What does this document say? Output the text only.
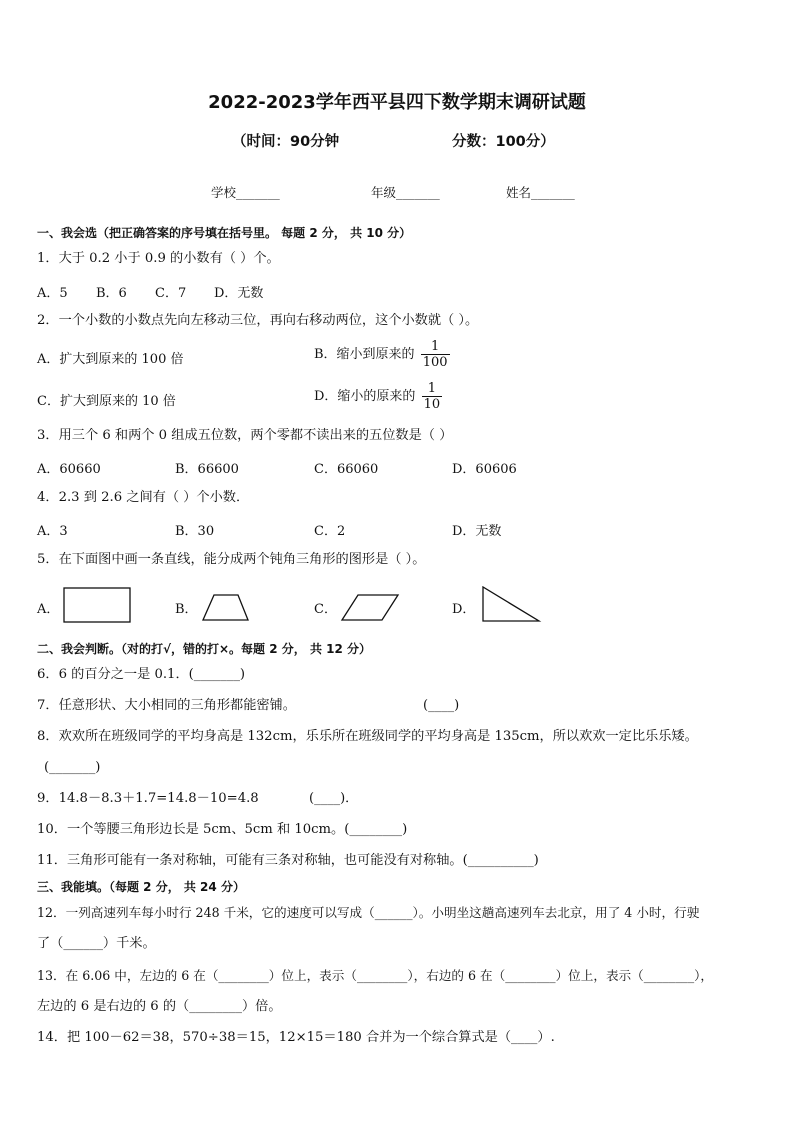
2022-2023学年西平县四下数学期末调研试题
（时间：90分钟	分数：100分）
学校_______	年级_______	姓名_______
一、我会选（把正确答案的序号填在括号里。 每题 2 分， 共 10 分）
1．大于 0.2 小于 0.9 的小数有（ ）个。
A．5 B．6 C．7 D．无数
2．一个小数的小数点先向左移动三位，再向右移动两位，这个小数就（ ）。
A．扩大到原来的 100 倍	B．缩小到原来的 $\frac{1}{100}$
C．扩大到原来的 10 倍	D．缩小的原来的 $\frac{1}{10}$
3．用三个 6 和两个 0 组成五位数，两个零都不读出来的五位数是（ ）
A．60660	B．66600	C．66060	D．60606
4．2.3 到 2.6 之间有（ ）个小数．
A．3	B．30	C．2	D．无数
5．在下面图中画一条直线，能分成两个钝角三角形的图形是（ ）。
A．	B．	C．	D．
二、我会判断。（对的打√，错的打×。每题 2 分， 共 12 分）
6．6 的百分之一是 0.1．(_______)
7．任意形状、大小相同的三角形都能密铺。	(____)
8．欢欢所在班级同学的平均身高是 132cm，乐乐所在班级同学的平均身高是 135cm，所以欢欢一定比乐乐矮。
(_______)
9．14.8－8.3＋1.7=14.8－10=4.8	(____)．
10．一个等腰三角形边长是 5cm、5cm 和 10cm。(________)
11．三角形可能有一条对称轴，可能有三条对称轴，也可能没有对称轴。(__________)
三、我能填。（每题 2 分， 共 24 分）
12．一列高速列车每小时行 248 千米，它的速度可以写成（______）。小明坐这趟高速列车去北京，用了 4 小时，行驶
了（______）千米。
13．在 6.06 中，左边的 6 在（________）位上，表示（________），右边的 6 在（________）位上，表示（________），
左边的 6 是右边的 6 的（________）倍。
14．把 100－62＝38，570÷38＝15，12×15＝180 合并为一个综合算式是（____）.
